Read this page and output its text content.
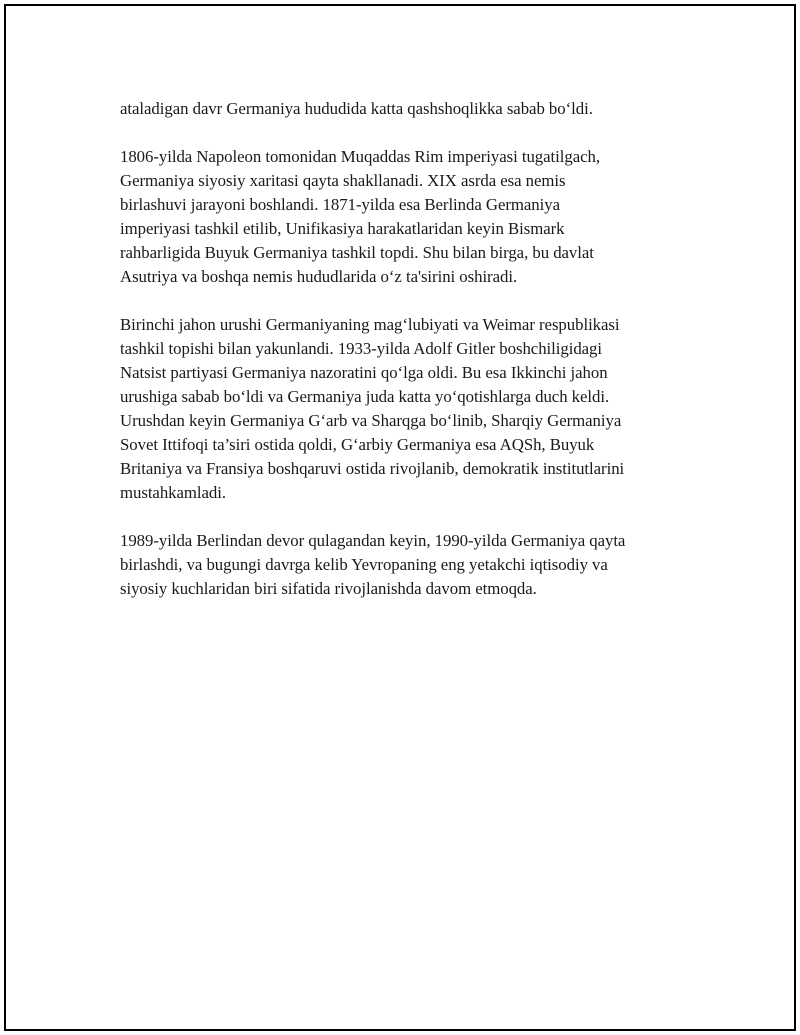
ataladigan davr Germaniya hududida katta qashshoqlikka sabab bo‘ldi.

1806-yilda Napoleon tomonidan Muqaddas Rim imperiyasi tugatilgach,
Germaniya siyosiy xaritasi qayta shakllanadi. XIX asrda esa nemis
birlashuvi jarayoni boshlandi. 1871-yilda esa Berlinda Germaniya
imperiyasi tashkil etilib, Unifikasiya harakatlaridan keyin Bismark
rahbarligida Buyuk Germaniya tashkil topdi. Shu bilan birga, bu davlat
Asutriya va boshqa nemis hududlarida o‘z ta'sirini oshiradi.

Birinchi jahon urushi Germaniyaning mag‘lubiyati va Weimar respublikasi
tashkil topishi bilan yakunlandi. 1933-yilda Adolf Gitler boshchiligidagi
Natsist partiyasi Germaniya nazoratini qo‘lga oldi. Bu esa Ikkinchi jahon
urushiga sabab bo‘ldi va Germaniya juda katta yo‘qotishlarga duch keldi.
Urushdan keyin Germaniya G‘arb va Sharqga bo‘linib, Sharqiy Germaniya
Sovet Ittifoqi ta’siri ostida qoldi, G‘arbiy Germaniya esa AQSh, Buyuk
Britaniya va Fransiya boshqaruvi ostida rivojlanib, demokratik institutlarini
mustahkamladi.

1989-yilda Berlindan devor qulagandan keyin, 1990-yilda Germaniya qayta
birlashdi, va bugungi davrga kelib Yevropaning eng yetakchi iqtisodiy va
siyosiy kuchlaridan biri sifatida rivojlanishda davom etmoqda.
